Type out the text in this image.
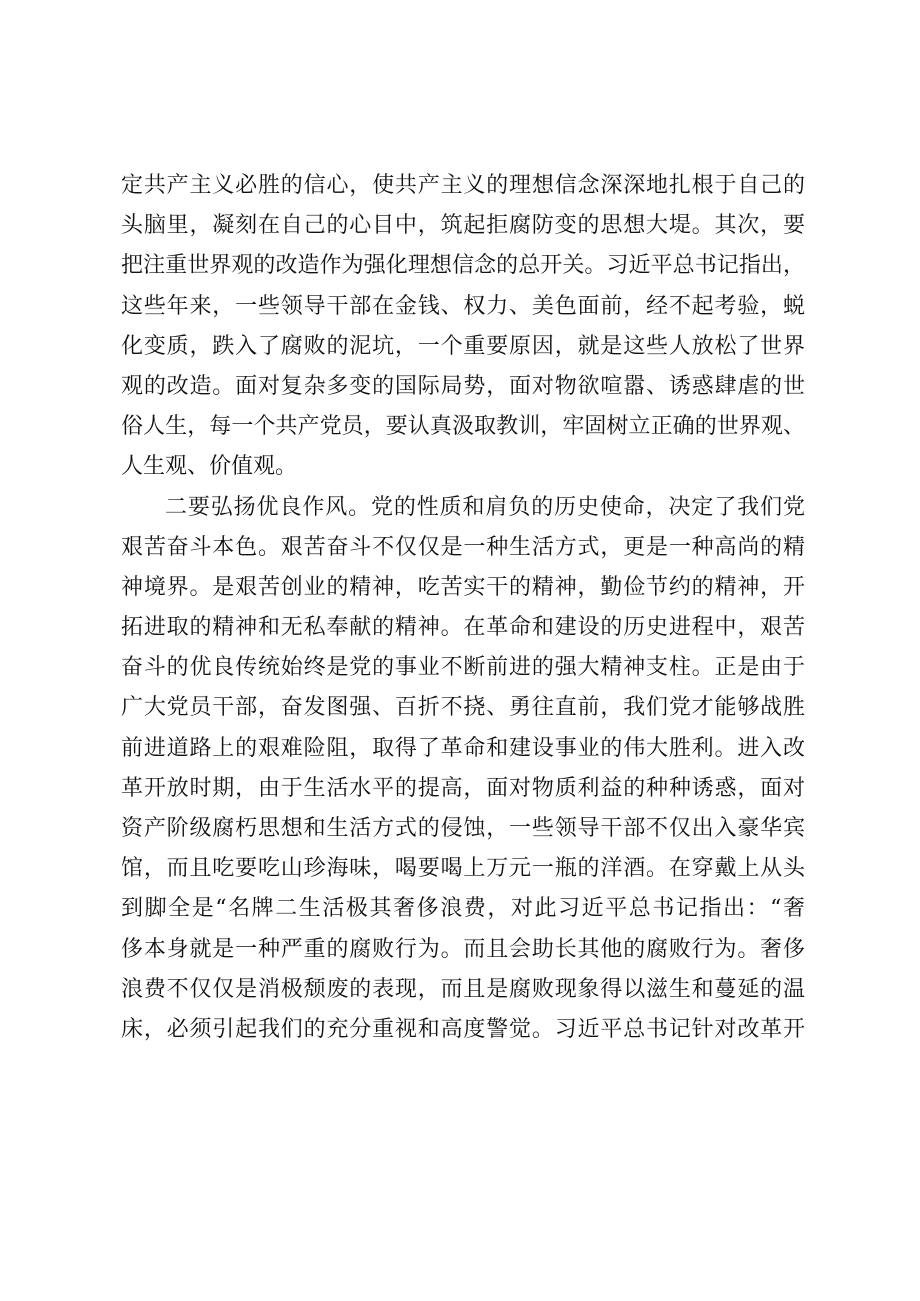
定共产主义必胜的信心，使共产主义的理想信念深深地扎根于自己的
头脑里，凝刻在自己的心目中，筑起拒腐防变的思想大堤。其次，要
把注重世界观的改造作为强化理想信念的总开关。习近平总书记指出，
这些年来，一些领导干部在金钱、权力、美色面前，经不起考验，蜕
化变质，跌入了腐败的泥坑，一个重要原因，就是这些人放松了世界
观的改造。面对复杂多变的国际局势，面对物欲喧嚣、诱惑肆虐的世
俗人生，每一个共产党员，要认真汲取教训，牢固树立正确的世界观、
人生观、价值观。
二要弘扬优良作风。党的性质和肩负的历史使命，决定了我们党
艰苦奋斗本色。艰苦奋斗不仅仅是一种生活方式，更是一种高尚的精
神境界。是艰苦创业的精神，吃苦实干的精神，勤俭节约的精神，开
拓进取的精神和无私奉献的精神。在革命和建设的历史进程中，艰苦
奋斗的优良传统始终是党的事业不断前进的强大精神支柱。正是由于
广大党员干部，奋发图强、百折不挠、勇往直前，我们党才能够战胜
前进道路上的艰难险阻，取得了革命和建设事业的伟大胜利。进入改
革开放时期，由于生活水平的提高，面对物质利益的种种诱惑，面对
资产阶级腐朽思想和生活方式的侵蚀，一些领导干部不仅出入豪华宾
馆，而且吃要吃山珍海味，喝要喝上万元一瓶的洋酒。在穿戴上从头
到脚全是“名牌二生活极其奢侈浪费，对此习近平总书记指出：“奢
侈本身就是一种严重的腐败行为。而且会助长其他的腐败行为。奢侈
浪费不仅仅是消极颓废的表现，而且是腐败现象得以滋生和蔓延的温
床，必须引起我们的充分重视和高度警觉。习近平总书记针对改革开
